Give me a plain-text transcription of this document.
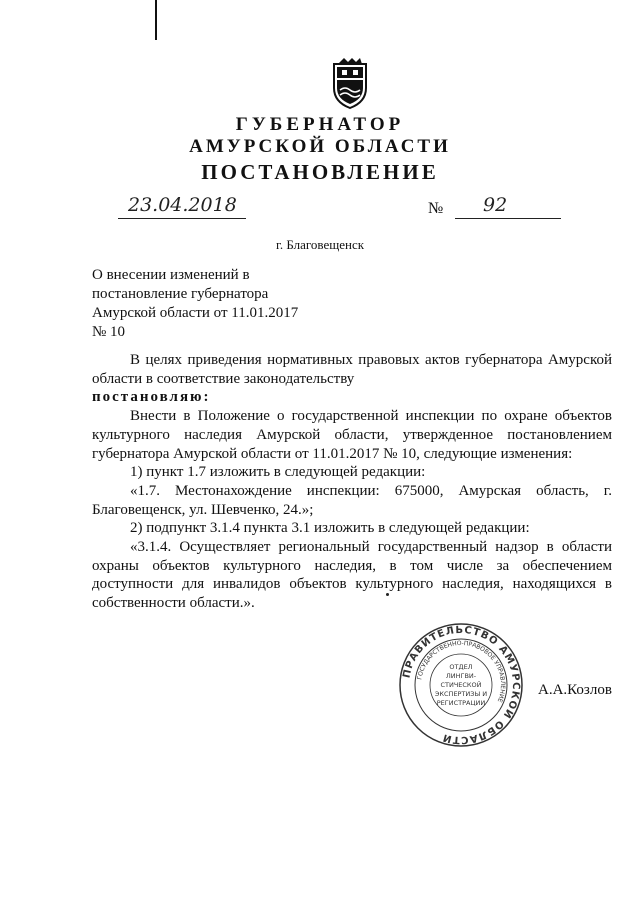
ГУБЕРНАТОР
АМУРСКОЙ ОБЛАСТИ
ПОСТАНОВЛЕНИЕ
23.04.2018	№ 92
г. Благовещенск
О внесении изменений в
постановление губернатора
Амурской области от 11.01.2017
№ 10

В целях приведения нормативных правовых актов губернатора Амурской области в соответствие законодательству

постановляю:

Внести в Положение о государственной инспекции по охране объектов культурного наследия Амурской области, утвержденное постановлением губернатора Амурской области от 11.01.2017 № 10, следующие изменения:

1) пункт 1.7 изложить в следующей редакции:

«1.7. Местонахождение инспекции: 675000, Амурская область, г. Благовещенск, ул. Шевченко, 24.»;

2) подпункт 3.1.4 пункта 3.1 изложить в следующей редакции:

«3.1.4. Осуществляет региональный государственный надзор в области охраны объектов культурного наследия, в том числе за обеспечением доступности для инвалидов объектов культурного наследия, находящихся в собственности области.».

ПРАВИТЕЛЬСТВО АМУРСКОЙ ОБЛАСТИ
ГОСУДАРСТВЕННО-ПРАВОВОЕ УПРАВЛЕНИЕ
ОТДЕЛ
ЛИНГВИ-
СТИЧЕСКОЙ
ЭКСПЕРТИЗЫ И
РЕГИСТРАЦИИ
А.А.Козлов
